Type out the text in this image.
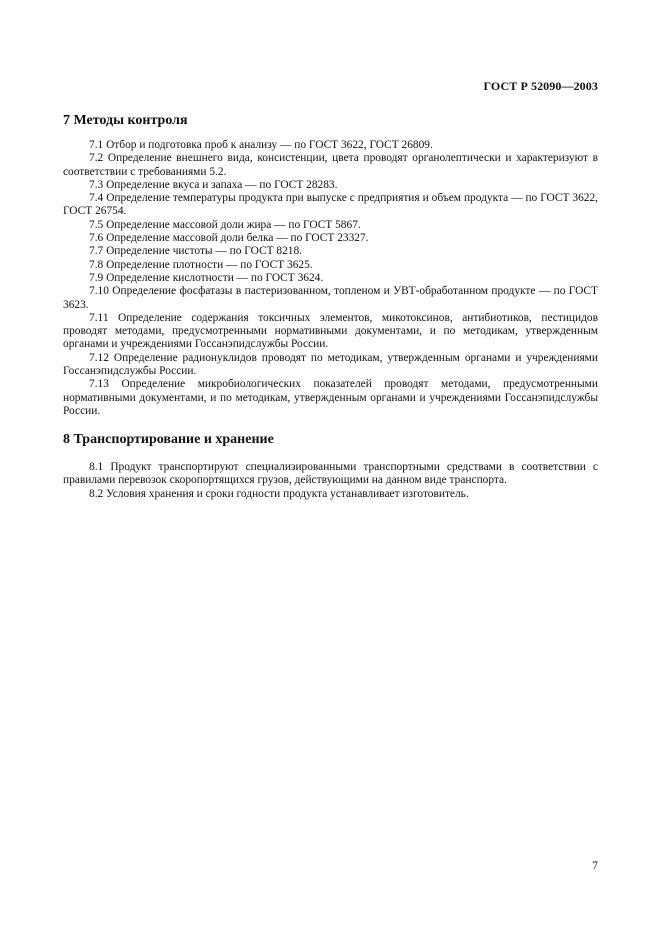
ГОСТ Р 52090—2003
7 Методы контроля

7.1 Отбор и подготовка проб к анализу — по ГОСТ 3622, ГОСТ 26809.

7.2 Определение внешнего вида, консистенции, цвета проводят органолептически и характеризуют в соответствии с требованиями 5.2.

7.3 Определение вкуса и запаха — по ГОСТ 28283.

7.4 Определение температуры продукта при выпуске с предприятия и объем продукта — по ГОСТ 3622, ГОСТ 26754.

7.5 Определение массовой доли жира — по ГОСТ 5867.

7.6 Определение массовой доли белка — по ГОСТ 23327.

7.7 Определение чистоты — по ГОСТ 8218.

7.8 Определение плотности — по ГОСТ 3625.

7.9 Определение кислотности — по ГОСТ 3624.

7.10 Определение фосфатазы в пастеризованном, топленом и УВТ-обработанном продукте — по ГОСТ 3623.

7.11 Определение содержания токсичных элементов, микотоксинов, антибиотиков, пестицидов проводят методами, предусмотренными нормативными документами, и по методикам, утвержденным органами и учреждениями Госсанэпидслужбы России.

7.12 Определение радионуклидов проводят по методикам, утвержденным органами и учреждениями Госсанэпидслужбы России.

7.13 Определение микробиологических показателей проводят методами, предусмотренными нормативными документами, и по методикам, утвержденным органами и учреждениями Госсанэпидслужбы России.

8 Транспортирование и хранение

8.1 Продукт транспортируют специализированными транспортными средствами в соответствии с правилами перевозок скоропортящихся грузов, действующими на данном виде транспорта.

8.2 Условия хранения и сроки годности продукта устанавливает изготовитель.

7
